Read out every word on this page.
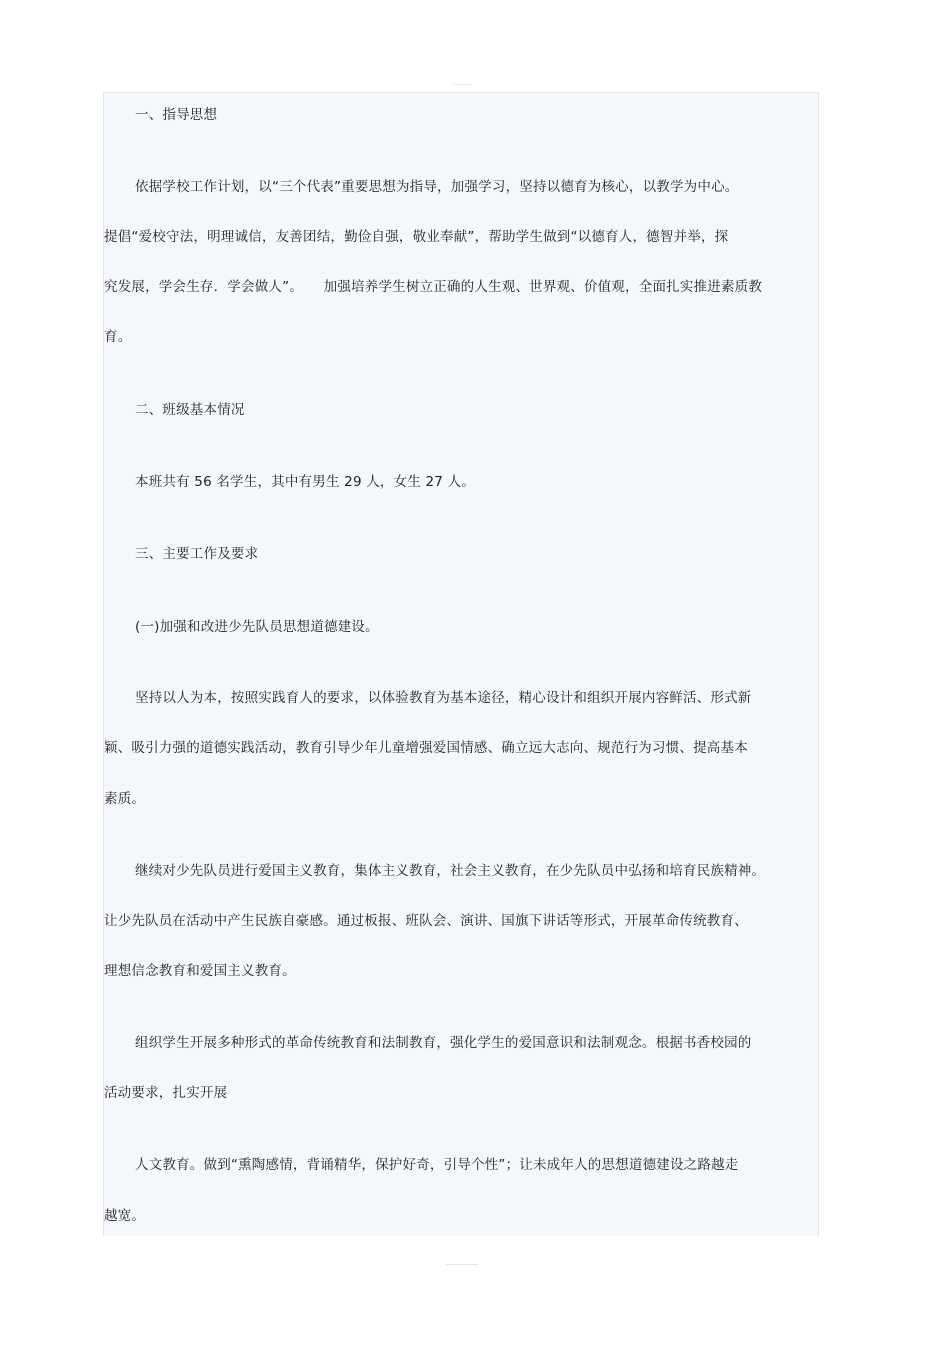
一、指导思想
依据学校工作计划，以“三个代表”重要思想为指导，加强学习，坚持以德育为核心，以教学为中心。
提倡“爱校守法，明理诚信，友善团结，勤俭自强，敬业奉献”，帮助学生做到“以德育人，德智并举，探
究发展，学会生存．学会做人”。　　加强培养学生树立正确的人生观、世界观、价值观，全面扎实推进素质教
育。
二、班级基本情况
本班共有 56 名学生，其中有男生 29 人，女生 27 人。
三、主要工作及要求
(一)加强和改进少先队员思想道德建设。
坚持以人为本，按照实践育人的要求，以体验教育为基本途径，精心设计和组织开展内容鲜活、形式新
颖、吸引力强的道德实践活动，教育引导少年儿童增强爱国情感、确立远大志向、规范行为习惯、提高基本
素质。
继续对少先队员进行爱国主义教育，集体主义教育，社会主义教育，在少先队员中弘扬和培育民族精神。
让少先队员在活动中产生民族自豪感。通过板报、班队会、演讲、国旗下讲话等形式，开展革命传统教育、
理想信念教育和爱国主义教育。
组织学生开展多种形式的革命传统教育和法制教育，强化学生的爱国意识和法制观念。根据书香校园的
活动要求，扎实开展
人文教育。做到“熏陶感情，背诵精华，保护好奇，引导个性”；让未成年人的思想道德建设之路越走
越宽。
